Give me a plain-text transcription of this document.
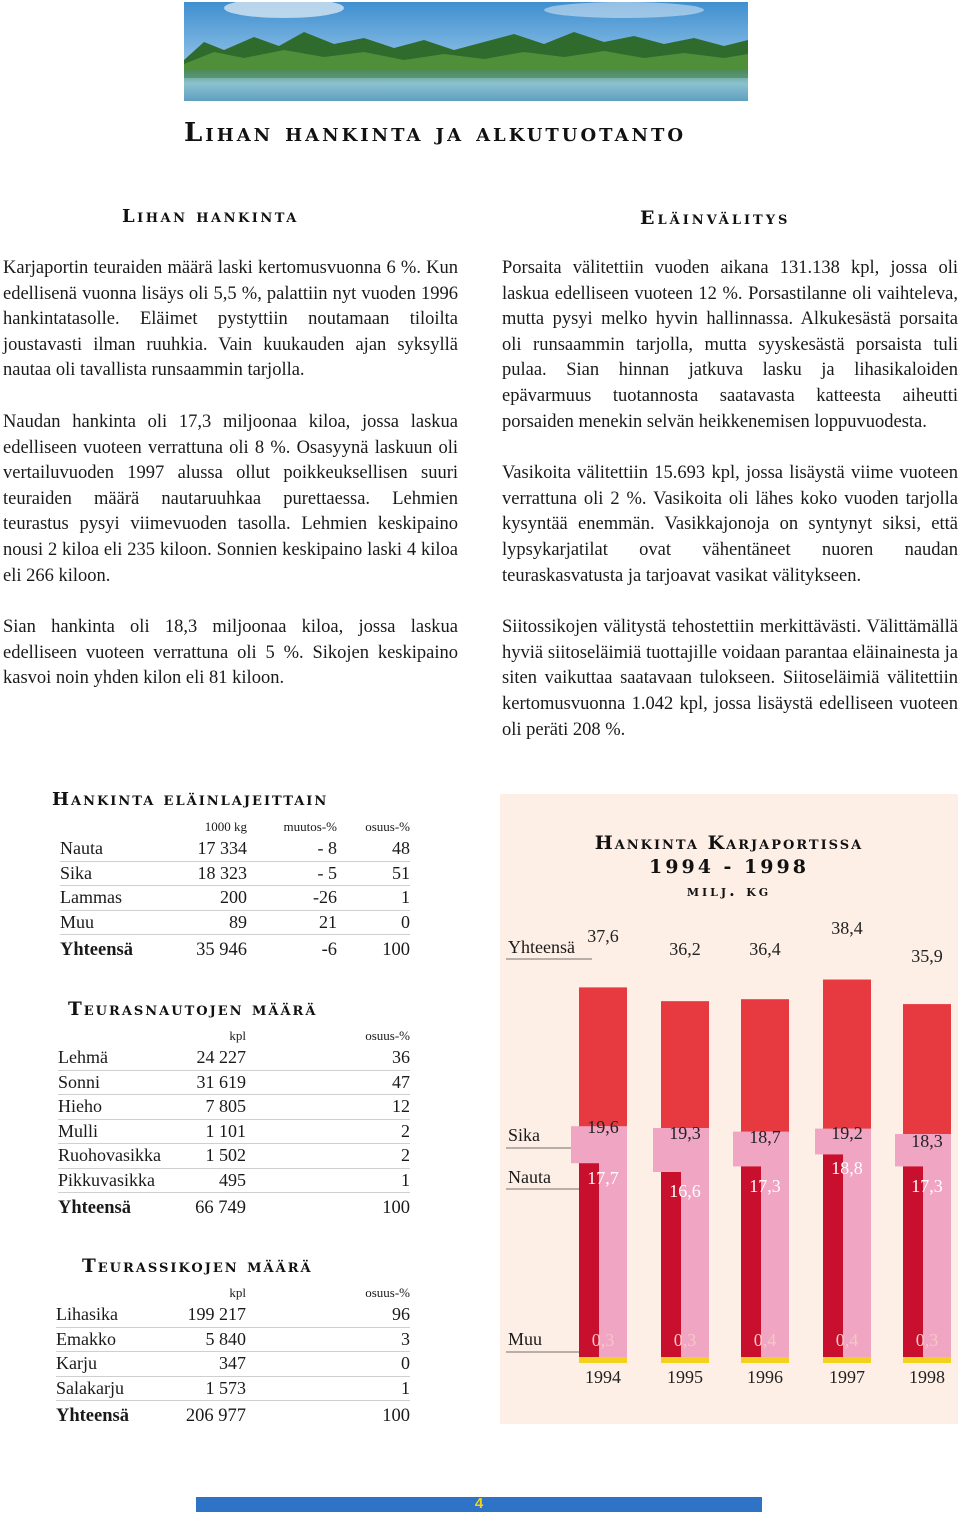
Lihan hankinta ja alkutuotanto
Lihan hankinta

Karjaportin teuraiden määrä laski kertomusvuonna 6 %. Kun edellisenä vuonna lisäys oli 5,5 %, palattiin nyt vuoden 1996 hankintatasolle. Eläimet pystyttiin noutamaan tiloilta joustavasti ilman ruuhkia. Vain kuukauden ajan syksyllä nautaa oli tavallista runsaammin tarjolla.

Naudan hankinta oli 17,3 miljoonaa kiloa, jossa laskua edelliseen vuoteen verrattuna oli 8 %. Osasyynä laskuun oli vertailuvuoden 1997 alussa ollut poikkeuksellisen suuri teuraiden määrä nautaruuhkaa purettaessa. Lehmien teurastus pysyi viimevuoden tasolla. Lehmien keskipaino nousi 2 kiloa eli 235 kiloon. Sonnien keskipaino laski 4 kiloa eli 266 kiloon.

Sian hankinta oli 18,3 miljoonaa kiloa, jossa laskua edelliseen vuoteen verrattuna oli 5 %. Sikojen keskipaino kasvoi noin yhden kilon eli 81 kiloon.

Eläinvälitys

Porsaita välitettiin vuoden aikana 131.138 kpl, jossa oli laskua edelliseen vuoteen 12 %. Porsastilanne oli vaihteleva, mutta pysyi melko hyvin hallinnassa. Alkukesästä porsaita oli runsaammin tarjolla, mutta syyskesästä porsaista tuli pulaa. Sian hinnan jatkuva lasku ja lihasikaloiden epävarmuus tuotannosta saatavasta katteesta aiheutti porsaiden menekin selvän heikkenemisen loppuvuodesta.

Vasikoita välitettiin 15.693 kpl, jossa lisäystä viime vuoteen verrattuna oli 2 %. Vasikoita oli lähes koko vuoden tarjolla kysyntää enemmän. Vasikkajonoja on syntynyt siksi, että lypsykarjatilat ovat vähentäneet nuoren naudan teuraskasvatusta ja tarjoavat vasikat välitykseen.

Siitossikojen välitystä tehostettiin merkittävästi. Välittämällä hyviä siitoseläimiä tuottajille voidaan parantaa eläinainesta ja siten vaikuttaa saatavaan tulokseen. Siitoseläimiä välitettiin kertomusvuonna 1.042 kpl, jossa lisäystä edelliseen vuoteen oli peräti 208 %.

Hankinta eläinlajeittain
	1000 kg	muutos-%	osuus-%
Nauta	17 334	- 8	48
Sika	18 323	- 5	51
Lammas	200	-26	1
Muu	89	21	0
Yhteensä	35 946	-6	100
Teurasnautojen määrä
	kpl	osuus-%
Lehmä	24 227	36
Sonni	31 619	47
Hieho	7 805	12
Mulli	1 101	2
Ruohovasikka	1 502	2
Pikkuvasikka	495	1
Yhteensä	66 749	100
Teurassikojen määrä
	kpl	osuus-%
Lihasika	199 217	96
Emakko	5 840	3
Karju	347	0
Salakarju	1 573	1
Yhteensä	206 977	100
Hankinta Karjaportissa
1994 - 1998
milj. kg
Yhteensä
Sika
Nauta
Muu
37,6
19,6
17,7
0,3
1994
36,2
19,3
16,6
0,3
1995
36,4
18,7
17,3
0,4
1996
38,4
19,2
18,8
0,4
1997
35,9
18,3
17,3
0,3
1998
4
